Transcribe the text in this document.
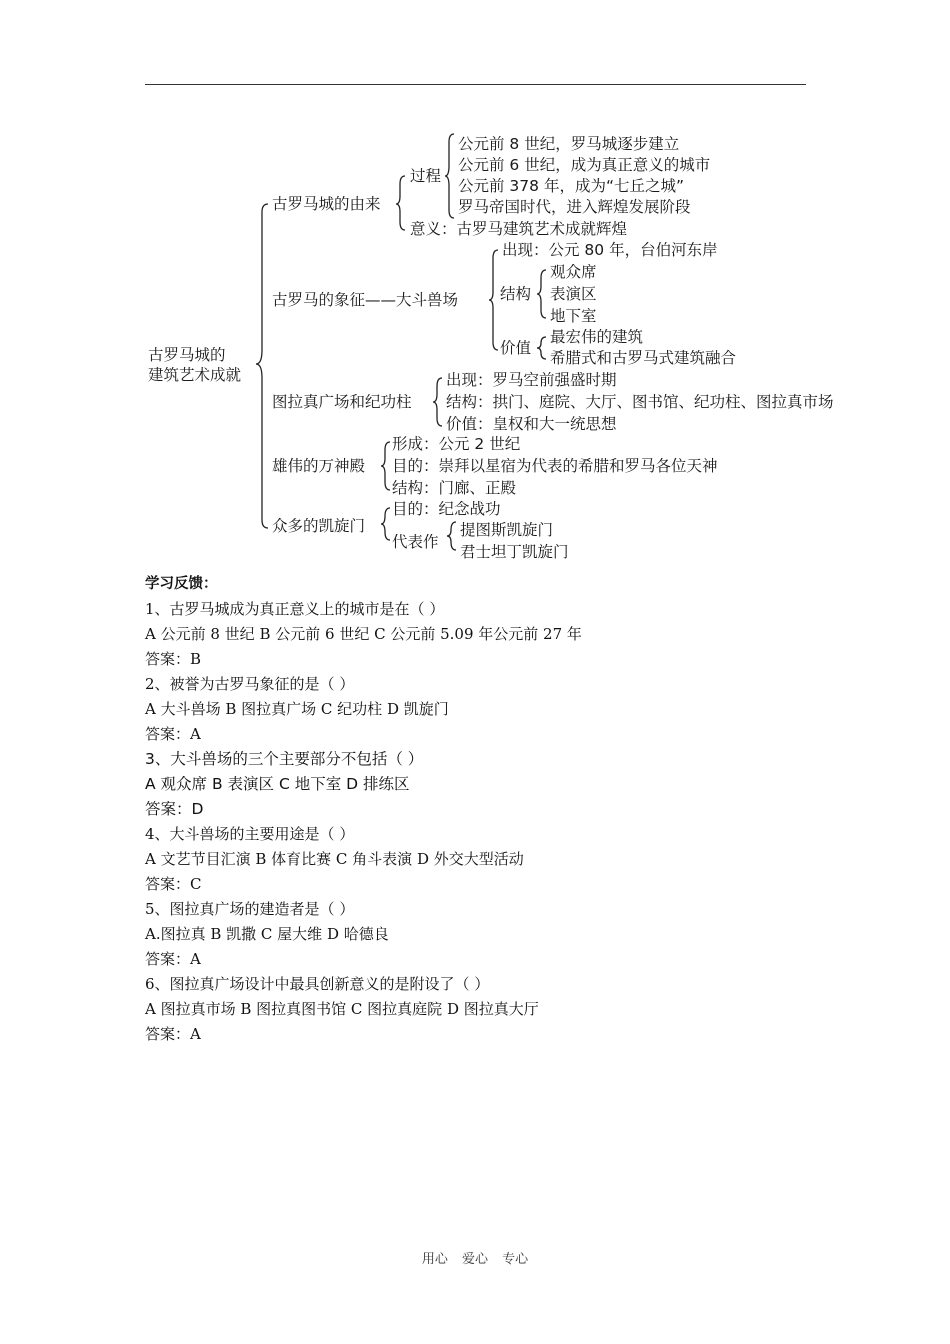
古罗马城的
建筑艺术成就
古罗马城的由来
过程
公元前 8 世纪，罗马城逐步建立
公元前 6 世纪，成为真正意义的城市
公元前 378 年，成为“七丘之城”
罗马帝国时代，进入辉煌发展阶段
意义：古罗马建筑艺术成就辉煌
古罗马的象征——大斗兽场
出现：公元 80 年，台伯河东岸
结构
观众席
表演区
地下室
价值
最宏伟的建筑
希腊式和古罗马式建筑融合
图拉真广场和纪功柱
出现：罗马空前强盛时期
结构：拱门、庭院、大厅、图书馆、纪功柱、图拉真市场
价值：皇权和大一统思想
雄伟的万神殿
形成：公元 2 世纪
目的：崇拜以星宿为代表的希腊和罗马各位天神
结构：门廊、正殿
众多的凯旋门
目的：纪念战功
代表作
提图斯凯旋门
君士坦丁凯旋门
学习反馈：
1、古罗马城成为真正意义上的城市是在（ ）
A 公元前 8 世纪 B 公元前 6 世纪 C 公元前 5.09 年公元前 27 年
答案：B
2、被誉为古罗马象征的是（ ）
A 大斗兽场 B 图拉真广场 C 纪功柱 D 凯旋门
答案：A
3、大斗兽场的三个主要部分不包括（ ）
A 观众席 B 表演区 C 地下室 D 排练区
答案：D
4、大斗兽场的主要用途是（ ）
A 文艺节目汇演 B 体育比赛 C 角斗表演 D 外交大型活动
答案：C
5、图拉真广场的建造者是（ ）
A.图拉真 B 凯撒 C 屋大维 D 哈德良
答案：A
6、图拉真广场设计中最具创新意义的是附设了（ ）
A 图拉真市场 B 图拉真图书馆 C 图拉真庭院 D 图拉真大厅
答案：A
用心 爱心 专心
